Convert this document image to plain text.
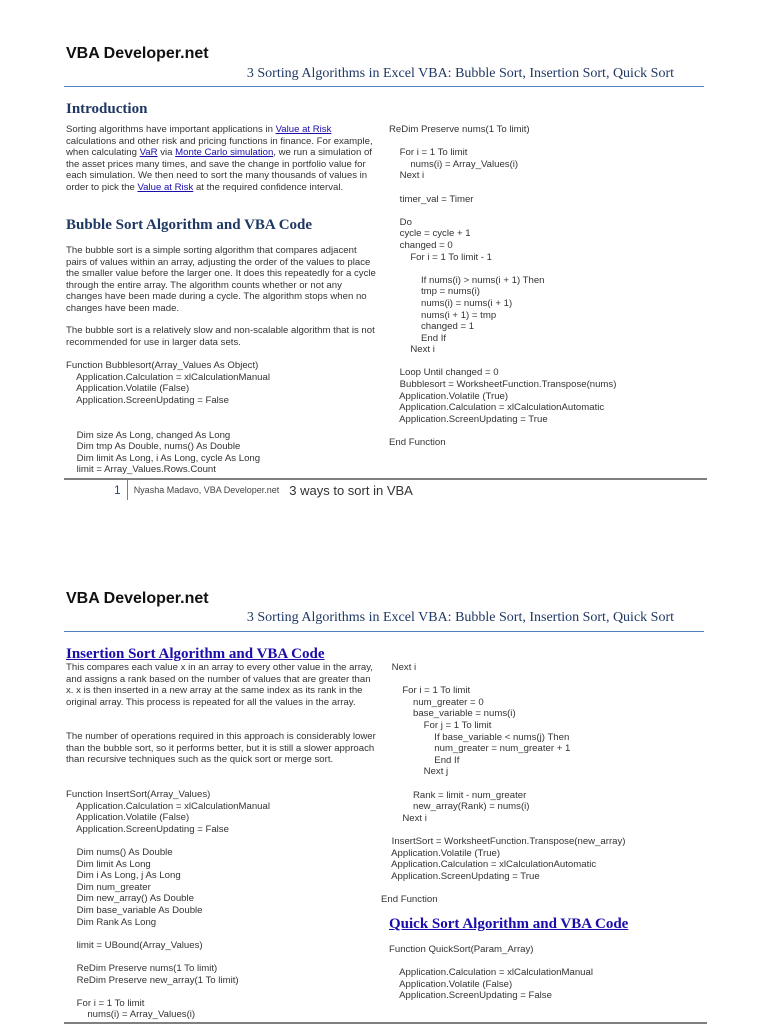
VBA Developer.net
3 Sorting Algorithms in Excel VBA: Bubble Sort, Insertion Sort, Quick Sort
Introduction

Sorting algorithms have important applications in Value at Risk calculations and other risk and pricing functions in finance. For example, when calculating VaR via Monte Carlo simulation, we run a simulation of the asset prices many times, and save the change in portfolio value for each simulation. We then need to sort the many thousands of values in order to pick the Value at Risk at the required confidence interval.

Bubble Sort Algorithm and VBA Code

The bubble sort is a simple sorting algorithm that compares adjacent pairs of values within an array, adjusting the order of the values to place the smaller value before the larger one. It does this repeatedly for a cycle through the entire array. The algorithm counts whether or not any changes have been made during a cycle. The algorithm stops when no changes have been made.

The bubble sort is a relatively slow and non-scalable algorithm that is not recommended for use in larger data sets.

Function Bubblesort(Array_Values As Object)
Application.Calculation = xlCalculationManual
Application.Volatile (False)
Application.ScreenUpdating = False

Dim size As Long, changed As Long
Dim tmp As Double, nums() As Double
Dim limit As Long, i As Long, cycle As Long
limit = Array_Values.Rows.Count
ReDim Preserve nums(1 To limit)

For i = 1 To limit
nums(i) = Array_Values(i)
Next i

timer_val = Timer

Do
cycle = cycle + 1
changed = 0
For i = 1 To limit - 1

If nums(i) > nums(i + 1) Then
tmp = nums(i)
nums(i) = nums(i + 1)
nums(i + 1) = tmp
changed = 1
End If
Next i

Loop Until changed = 0
Bubblesort = WorksheetFunction.Transpose(nums)
Application.Volatile (True)
Application.Calculation = xlCalculationAutomatic
Application.ScreenUpdating = True

End Function
1 Nyasha Madavo, VBA Developer.net 3 ways to sort in VBA
VBA Developer.net
3 Sorting Algorithms in Excel VBA: Bubble Sort, Insertion Sort, Quick Sort
Insertion Sort Algorithm and VBA Code

This compares each value x in an array to every other value in the array, and assigns a rank based on the number of values that are greater than x. x is then inserted in a new array at the same index as its rank in the original array. This process is repeated for all the values in the array.

The number of operations required in this approach is considerably lower than the bubble sort, so it performs better, but it is still a slower approach than recursive techniques such as the quick sort or merge sort.

Function InsertSort(Array_Values)
Application.Calculation = xlCalculationManual
Application.Volatile (False)
Application.ScreenUpdating = False

Dim nums() As Double
Dim limit As Long
Dim i As Long, j As Long
Dim num_greater
Dim new_array() As Double
Dim base_variable As Double
Dim Rank As Long

limit = UBound(Array_Values)

ReDim Preserve nums(1 To limit)
ReDim Preserve new_array(1 To limit)

For i = 1 To limit
nums(i) = Array_Values(i)
Next i

For i = 1 To limit
num_greater = 0
base_variable = nums(i)
For j = 1 To limit
If base_variable < nums(j) Then
num_greater = num_greater + 1
End If
Next j

Rank = limit - num_greater
new_array(Rank) = nums(i)
Next i

InsertSort = WorksheetFunction.Transpose(new_array)
Application.Volatile (True)
Application.Calculation = xlCalculationAutomatic
Application.ScreenUpdating = True

End Function
Quick Sort Algorithm and VBA Code
Function QuickSort(Param_Array)

Application.Calculation = xlCalculationManual
Application.Volatile (False)
Application.ScreenUpdating = False
